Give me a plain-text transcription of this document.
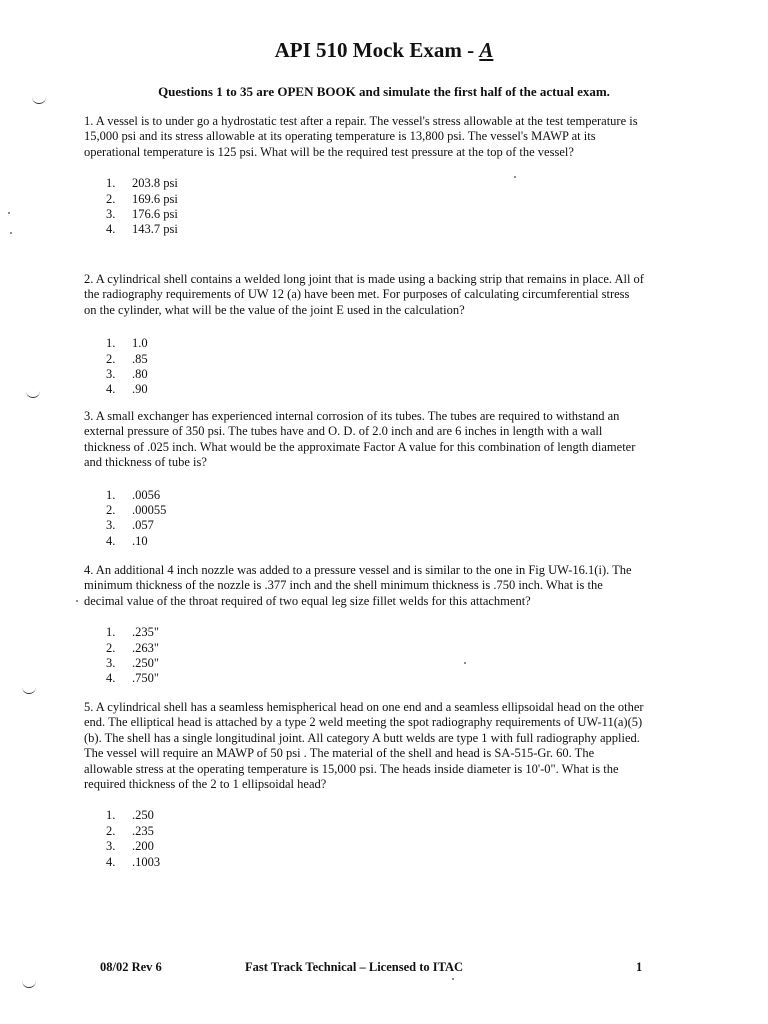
API 510 Mock Exam - A
Questions 1 to 35 are OPEN BOOK and simulate the first half of the actual exam.

1. A vessel is to under go a hydrostatic test after a repair. The vessel's stress allowable at the test temperature is 15,000 psi and its stress allowable at its operating temperature is 13,800 psi. The vessel's MAWP at its operational temperature is 125 psi. What will be the required test pressure at the top of the vessel?

1.	203.8 psi
2.	169.6 psi
3.	176.6 psi
4.	143.7 psi

2. A cylindrical shell contains a welded long joint that is made using a backing strip that remains in place. All of the radiography requirements of UW 12 (a) have been met. For purposes of calculating circumferential stress on the cylinder, what will be the value of the joint E used in the calculation?

1.	1.0
2.	.85
3.	.80
4.	.90

3. A small exchanger has experienced internal corrosion of its tubes. The tubes are required to withstand an external pressure of 350 psi. The tubes have and O. D. of 2.0 inch and are 6 inches in length with a wall thickness of .025 inch. What would be the approximate Factor A value for this combination of length diameter and thickness of tube is?

1.	.0056
2.	.00055
3.	.057
4.	.10

4. An additional 4 inch nozzle was added to a pressure vessel and is similar to the one in Fig UW-16.1(i). The minimum thickness of the nozzle is .377 inch and the shell minimum thickness is .750 inch. What is the decimal value of the throat required of two equal leg size fillet welds for this attachment?

1.	.235"
2.	.263"
3.	.250"
4.	.750"

5. A cylindrical shell has a seamless hemispherical head on one end and a seamless ellipsoidal head on the other end. The elliptical head is attached by a type 2 weld meeting the spot radiography requirements of UW-11(a)(5)(b). The shell has a single longitudinal joint. All category A butt welds are type 1 with full radiography applied. The vessel will require an MAWP of 50 psi . The material of the shell and head is SA-515-Gr. 60. The allowable stress at the operating temperature is 15,000 psi. The heads inside diameter is 10'-0". What is the required thickness of the 2 to 1 ellipsoidal head?

1.	.250
2.	.235
3.	.200
4.	.1003
08/02 Rev 6	Fast Track Technical – Licensed to ITAC	1
